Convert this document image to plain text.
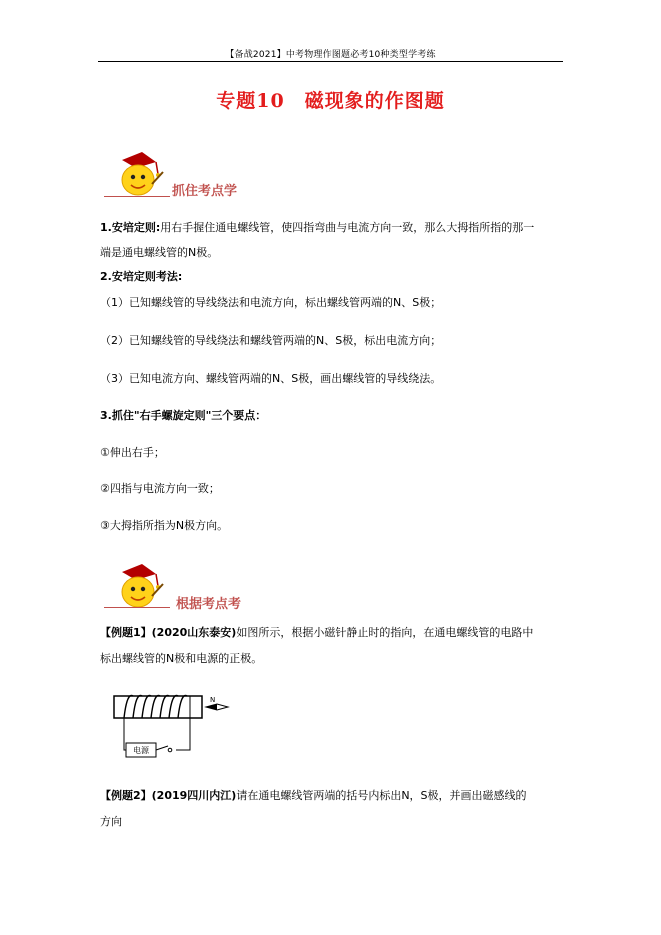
【备战2021】中考物理作图题必考10种类型学考练
专题10　磁现象的作图题
抓住考点学
1.安培定则:用右手握住通电螺线管，使四指弯曲与电流方向一致，那么大拇指所指的那一
端是通电螺线管的N极。
2.安培定则考法:
（1）已知螺线管的导线绕法和电流方向，标出螺线管两端的N、S极；
（2）已知螺线管的导线绕法和螺线管两端的N、S极，标出电流方向；
（3）已知电流方向、螺线管两端的N、S极，画出螺线管的导线绕法。
3.抓住"右手螺旋定则"三个要点：
①伸出右手；
②四指与电流方向一致；
③大拇指所指为N极方向。
根据考点考
【例题1】(2020山东泰安)如图所示，根据小磁针静止时的指向，在通电螺线管的电路中
标出螺线管的N极和电源的正极。
电源
N
【例题2】(2019四川内江)请在通电螺线管两端的括号内标出N，S极，并画出磁感线的
方向
